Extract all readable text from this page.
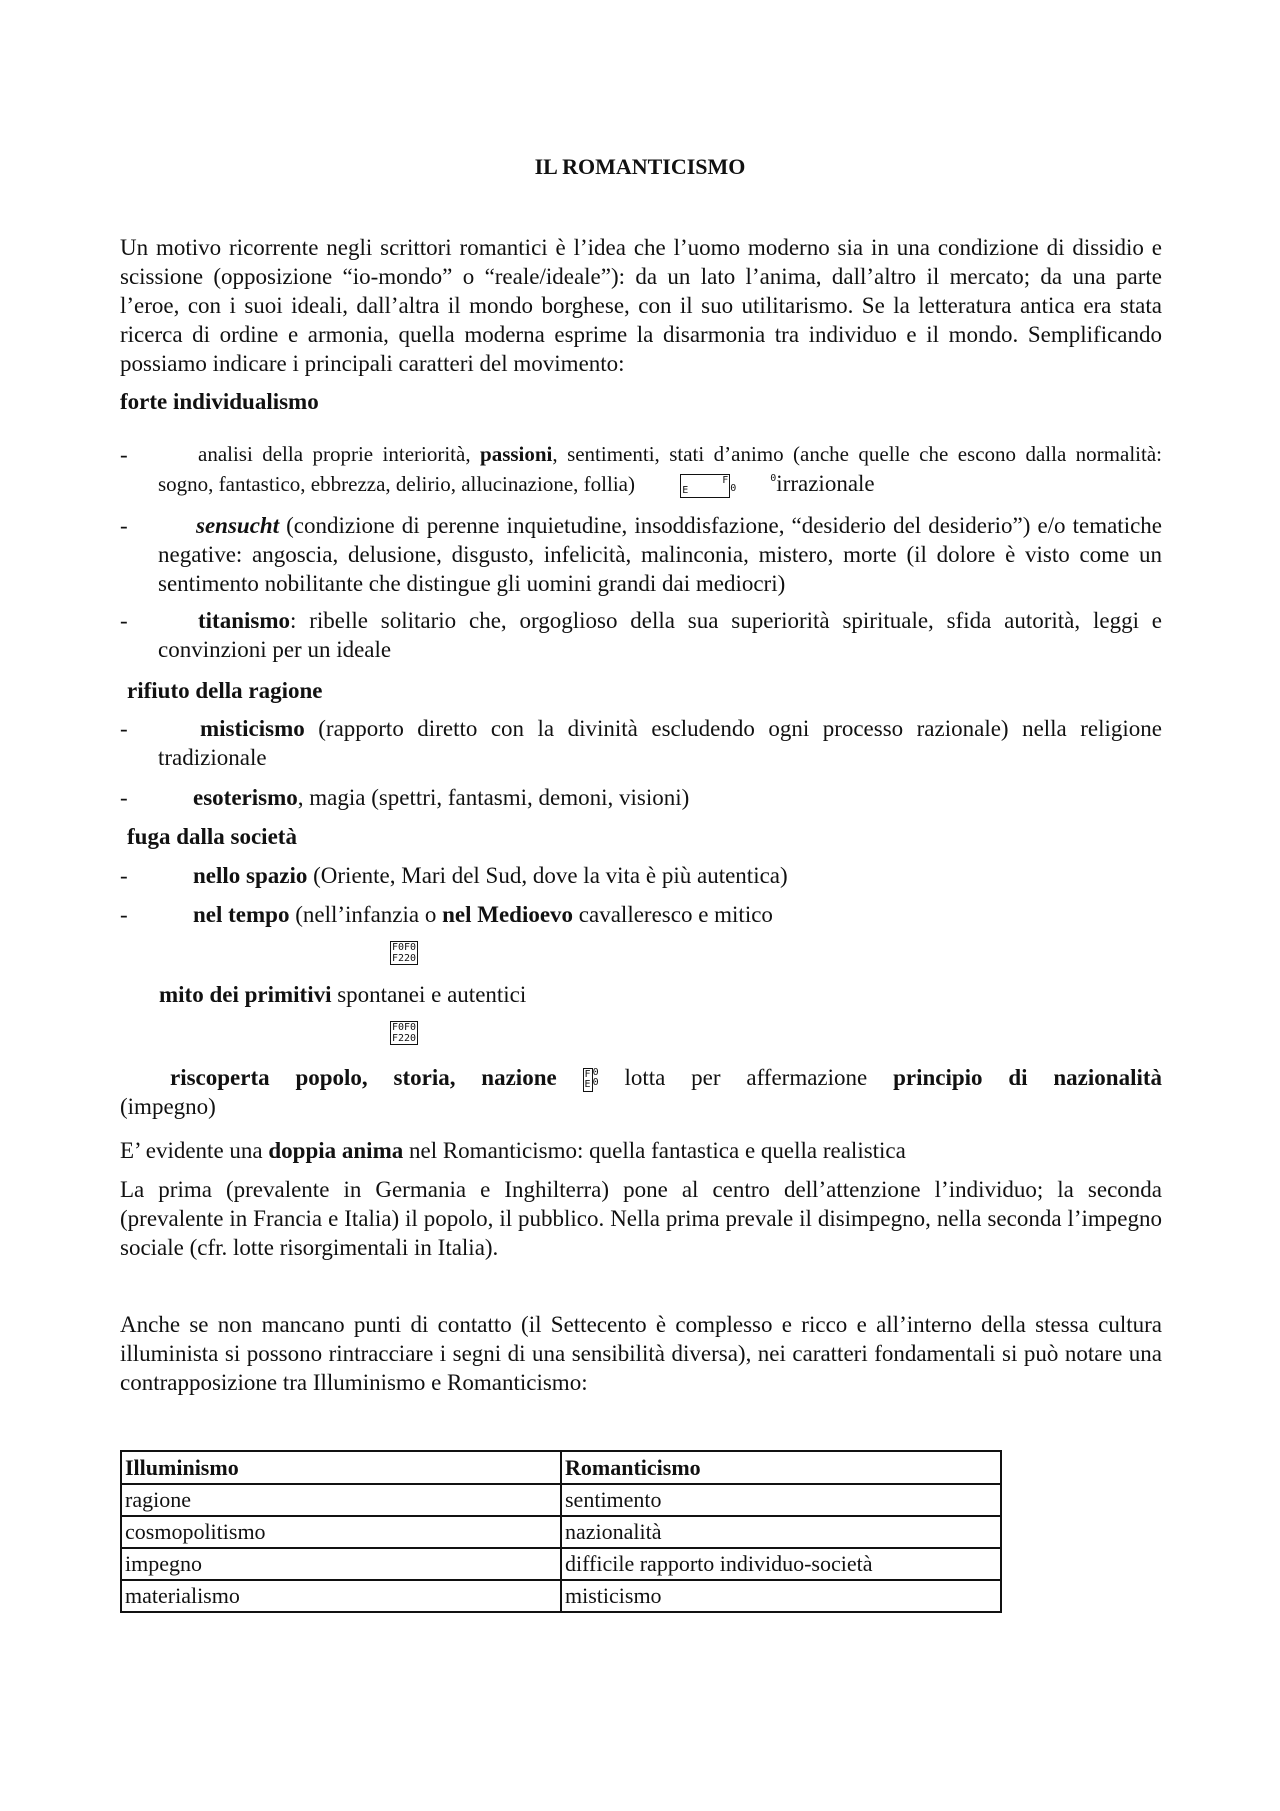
IL ROMANTICISMO
Un motivo ricorrente negli scrittori romantici è l’idea che l’uomo moderno sia in una condizione di dissidio e scissione (opposizione “io-mondo” o “reale/ideale”): da un lato l’anima, dall’altro il mercato; da una parte l’eroe, con i suoi ideali, dall’altra il mondo borghese, con il suo utilitarismo. Se la letteratura antica era stata ricerca di ordine e armonia, quella moderna esprime la disarmonia tra individuo e il mondo. Semplificando possiamo indicare i principali caratteri del movimento:
forte individualismo
-	analisi della proprie interiorità, passioni, sentimenti, stati d’animo (anche quelle che escono dalla normalità: sogno, fantastico, ebbrezza, delirio, allucinazione, follia)	F
E0
0 irrazionale
-	sensucht (condizione di perenne inquietudine, insoddisfazione, “desiderio del desiderio”) e/o tematiche negative: angoscia, delusione, disgusto, infelicità, malinconia, mistero, morte (il dolore è visto come un sentimento nobilitante che distingue gli uomini grandi dai mediocri)
-	titanismo: ribelle solitario che, orgoglioso della sua superiorità spirituale, sfida autorità, leggi e convinzioni per un ideale
rifiuto della ragione
-	misticismo (rapporto diretto con la divinità escludendo ogni processo razionale) nella religione tradizionale
-	esoterismo, magia (spettri, fantasmi, demoni, visioni)
fuga dalla società
-	nello spazio (Oriente, Mari del Sud, dove la vita è più autentica)
-	nel tempo (nell’infanzia o nel Medioevo cavalleresco e mitico
F0F0
F220
mito dei primitivi spontanei e autentici
F0F0
F220
riscoperta popolo, storia, nazione	F
E0
0 lotta per affermazione principio di nazionalità
(impegno)
E’ evidente una doppia anima nel Romanticismo: quella fantastica e quella realistica
La prima (prevalente in Germania e Inghilterra) pone al centro dell’attenzione l’individuo; la seconda (prevalente in Francia e Italia) il popolo, il pubblico. Nella prima prevale il disimpegno, nella seconda l’impegno sociale (cfr. lotte risorgimentali in Italia).
Anche se non mancano punti di contatto (il Settecento è complesso e ricco e all’interno della stessa cultura illuminista si possono rintracciare i segni di una sensibilità diversa), nei caratteri fondamentali si può notare una contrapposizione tra Illuminismo e Romanticismo:
Illuminismo	Romanticismo
ragione	sentimento
cosmopolitismo	nazionalità
impegno	difficile rapporto individuo-società
materialismo	misticismo
